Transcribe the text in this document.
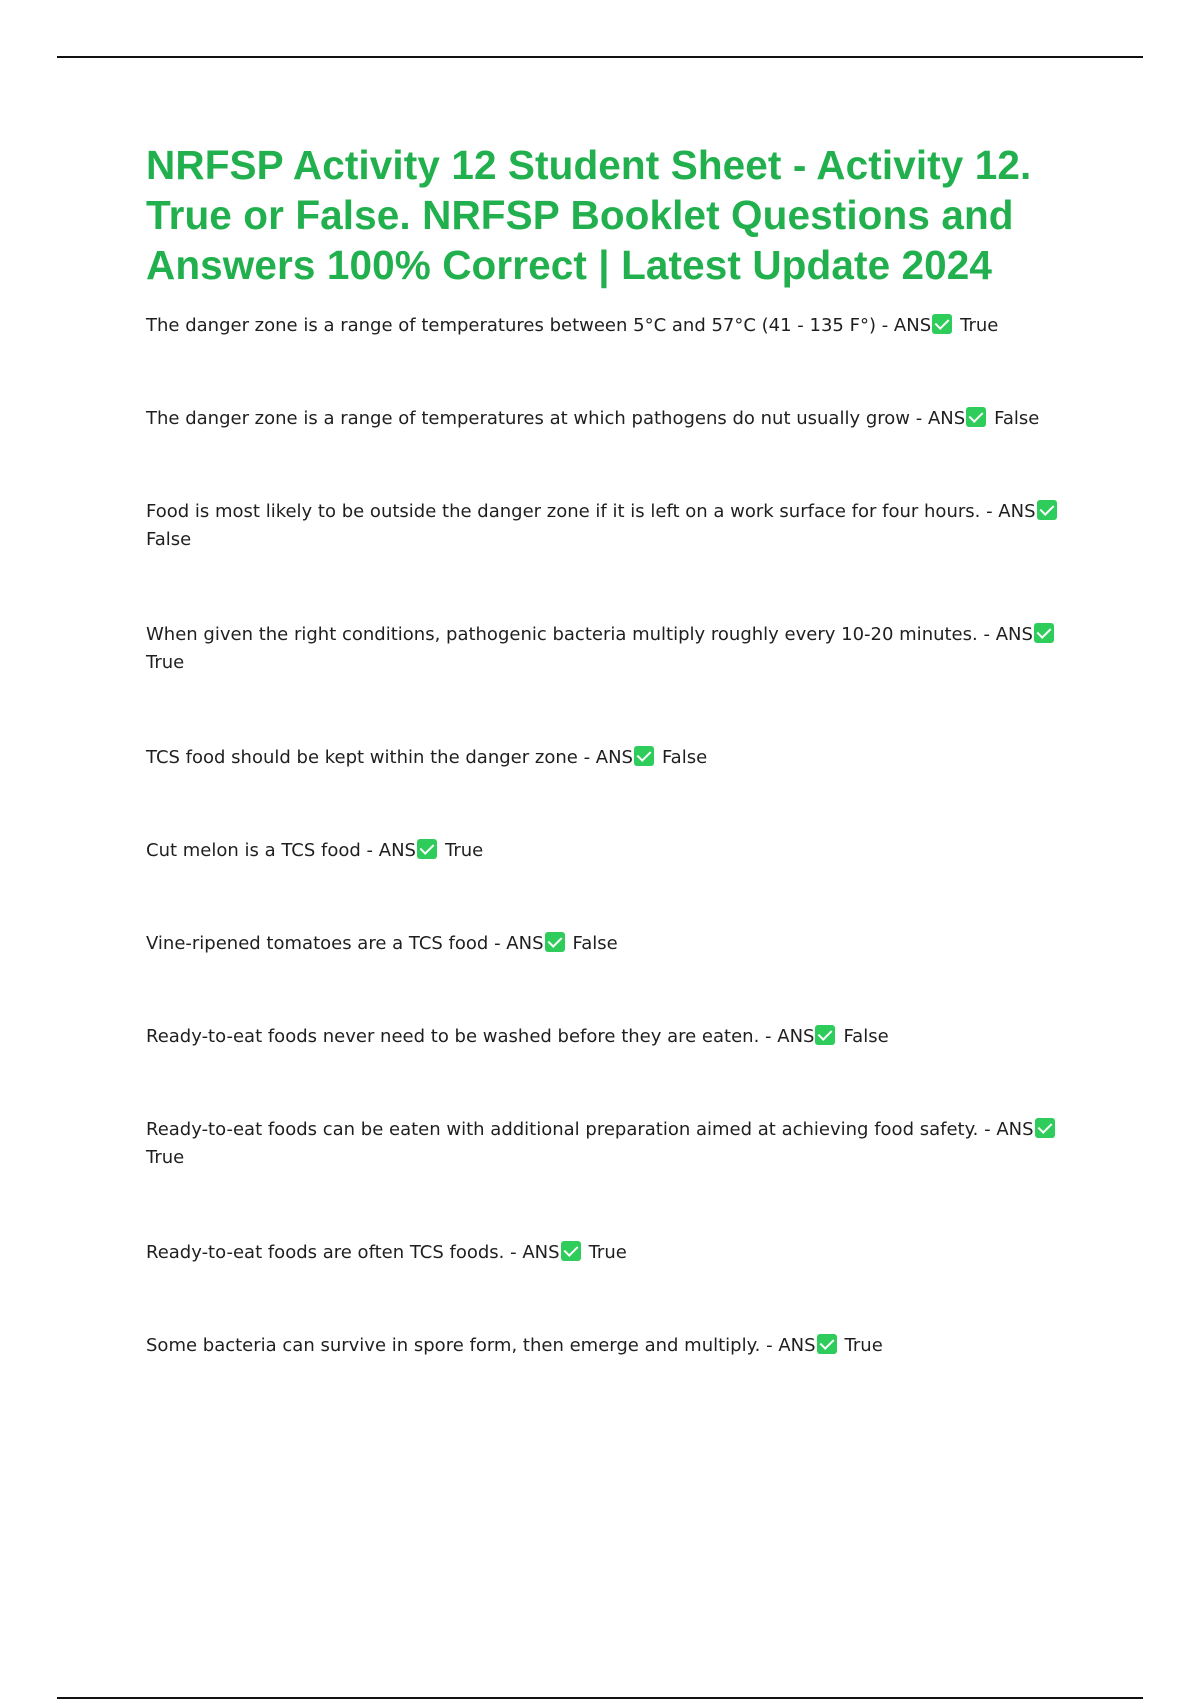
NRFSP Activity 12 Student Sheet - Activity 12. True or False. NRFSP Booklet Questions and Answers 100% Correct | Latest Update 2024
The danger zone is a range of temperatures between 5°C and 57°C (41 - 135 F°) - ANS True
The danger zone is a range of temperatures at which pathogens do nut usually grow - ANS False
Food is most likely to be outside the danger zone if it is left on a work surface for four hours. - ANS
False
When given the right conditions, pathogenic bacteria multiply roughly every 10-20 minutes. - ANS
True
TCS food should be kept within the danger zone - ANS False
Cut melon is a TCS food - ANS True
Vine-ripened tomatoes are a TCS food - ANS False
Ready-to-eat foods never need to be washed before they are eaten. - ANS False
Ready-to-eat foods can be eaten with additional preparation aimed at achieving food safety. - ANS
True
Ready-to-eat foods are often TCS foods. - ANS True
Some bacteria can survive in spore form, then emerge and multiply. - ANS True
